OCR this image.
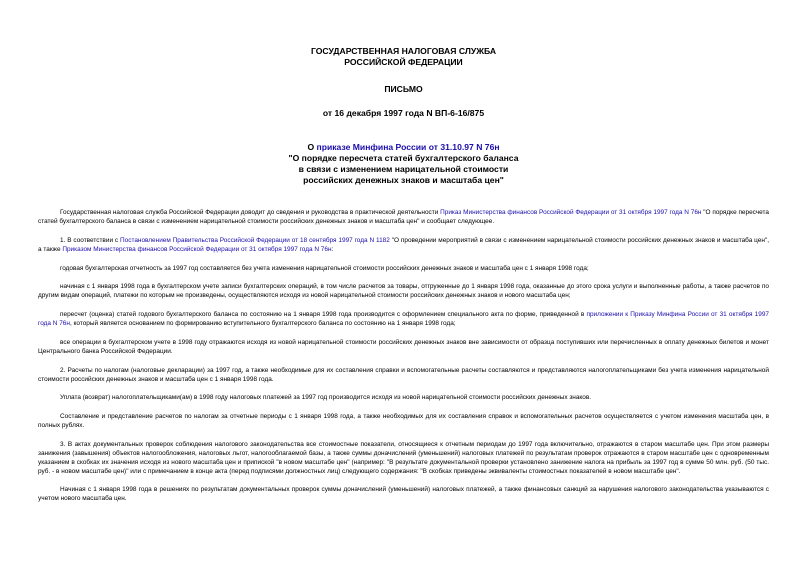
ГОСУДАРСТВЕННАЯ НАЛОГОВАЯ СЛУЖБА
РОССИЙСКОЙ ФЕДЕРАЦИИ
ПИСЬМО
от 16 декабря 1997 года N ВП-6-16/875
О приказе Минфина России от 31.10.97 N 76н
"О порядке пересчета статей бухгалтерского баланса
в связи с изменением нарицательной стоимости
российских денежных знаков и масштаба цен"

Государственная налоговая служба Российской Федерации доводит до сведения и руководства в практической деятельности Приказ Министерства финансов Российской Федерации от 31 октября 1997 года N 76н "О порядке пересчета статей бухгалтерского баланса в связи с изменением нарицательной стоимости российских денежных знаков и масштаба цен" и сообщает следующее.

1. В соответствии с Постановлением Правительства Российской Федерации от 18 сентября 1997 года N 1182 "О проведении мероприятий в связи с изменением нарицательной стоимости российских денежных знаков и масштаба цен", а также Приказом Министерства финансов Российской Федерации от 31 октября 1997 года N 76н:

годовая бухгалтерская отчетность за 1997 год составляется без учета изменения нарицательной стоимости российских денежных знаков и масштаба цен с 1 января 1998 года;

начиная с 1 января 1998 года в бухгалтерском учете записи бухгалтерских операций, в том числе расчетов за товары, отгруженные до 1 января 1998 года, оказанные до этого срока услуги и выполненные работы, а также расчетов по другим видам операций, платежи по которым не произведены, осуществляются исходя из новой нарицательной стоимости российских денежных знаков и нового масштаба цен;

пересчет (оценка) статей годового бухгалтерского баланса по состоянию на 1 января 1998 года производится с оформлением специального акта по форме, приведенной в приложении к Приказу Минфина России от 31 октября 1997 года N 76н, который является основанием по формированию вступительного бухгалтерского баланса по состоянию на 1 января 1998 года;

все операции в бухгалтерском учете в 1998 году отражаются исходя из новой нарицательной стоимости российских денежных знаков вне зависимости от образца поступивших или перечисленных в оплату денежных билетов и монет Центрального банка Российской Федерации.

2. Расчеты по налогам (налоговые декларации) за 1997 год, а также необходимые для их составления справки и вспомогательные расчеты составляются и представляются налогоплательщиками без учета изменения нарицательной стоимости российских денежных знаков и масштаба цен с 1 января 1998 года.

Уплата (возврат) налогоплательщиками(ам) в 1998 году налоговых платежей за 1997 год производится исходя из новой нарицательной стоимости российских денежных знаков.

Составление и представление расчетов по налогам за отчетные периоды с 1 января 1998 года, а также необходимых для их составления справок и вспомогательных расчетов осуществляется с учетом изменения масштаба цен, в полных рублях.

3. В актах документальных проверок соблюдения налогового законодательства все стоимостные показатели, относящиеся к отчетным периодам до 1997 года включительно, отражаются в старом масштабе цен. При этом размеры занижения (завышения) объектов налогообложения, налоговых льгот, налогооблагаемой базы, а также суммы доначислений (уменьшений) налоговых платежей по результатам проверок отражаются в старом масштабе цен с одновременным указанием в скобках их значения исходя из нового масштаба цен и припиской "в новом масштабе цен" (например: "В результате документальной проверки установлено занижение налога на прибыль за 1997 год в сумме 50 млн. руб. (50 тыс. руб. - в новом масштабе цен)" или с примечанием в конце акта (перед подписями должностных лиц) следующего содержания: "В скобках приведены эквиваленты стоимостных показателей в новом масштабе цен".

Начиная с 1 января 1998 года в решениях по результатам документальных проверок суммы доначислений (уменьшений) налоговых платежей, а также финансовых санкций за нарушения налогового законодательства указываются с учетом нового масштаба цен.
